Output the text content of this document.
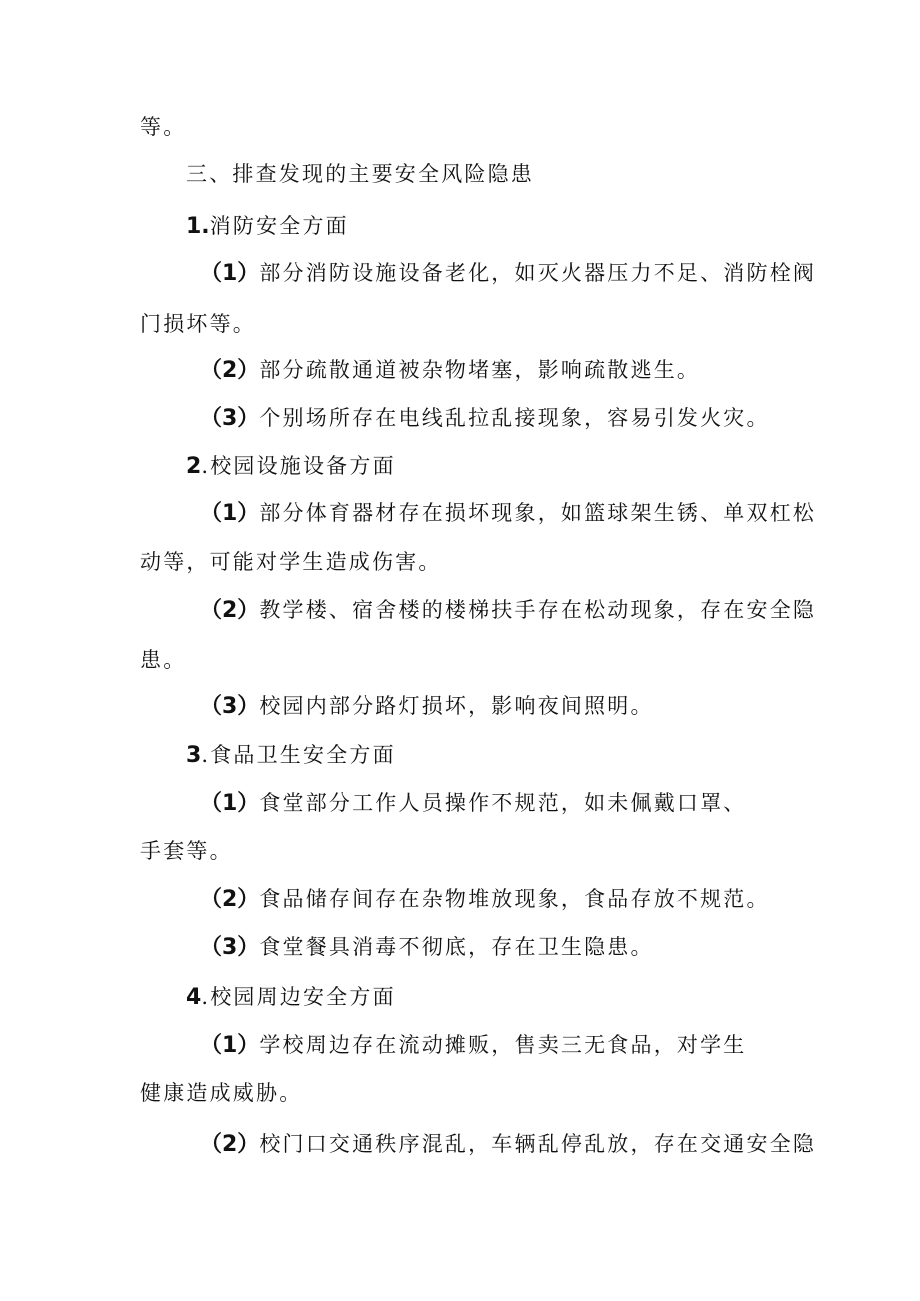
等。
三、排查发现的主要安全风险隐患
1.消防安全方面
（1）部分消防设施设备老化，如灭火器压力不足、消防栓阀
门损坏等。
（2）部分疏散通道被杂物堵塞，影响疏散逃生。
（3）个别场所存在电线乱拉乱接现象，容易引发火灾。
2.校园设施设备方面
（1）部分体育器材存在损坏现象，如篮球架生锈、单双杠松
动等，可能对学生造成伤害。
（2）教学楼、宿舍楼的楼梯扶手存在松动现象，存在安全隐
患。
（3）校园内部分路灯损坏，影响夜间照明。
3.食品卫生安全方面
（1）食堂部分工作人员操作不规范，如未佩戴口罩、
手套等。
（2）食品储存间存在杂物堆放现象，食品存放不规范。
（3）食堂餐具消毒不彻底，存在卫生隐患。
4.校园周边安全方面
（1）学校周边存在流动摊贩，售卖三无食品，对学生
健康造成威胁。
（2）校门口交通秩序混乱，车辆乱停乱放，存在交通安全隐
